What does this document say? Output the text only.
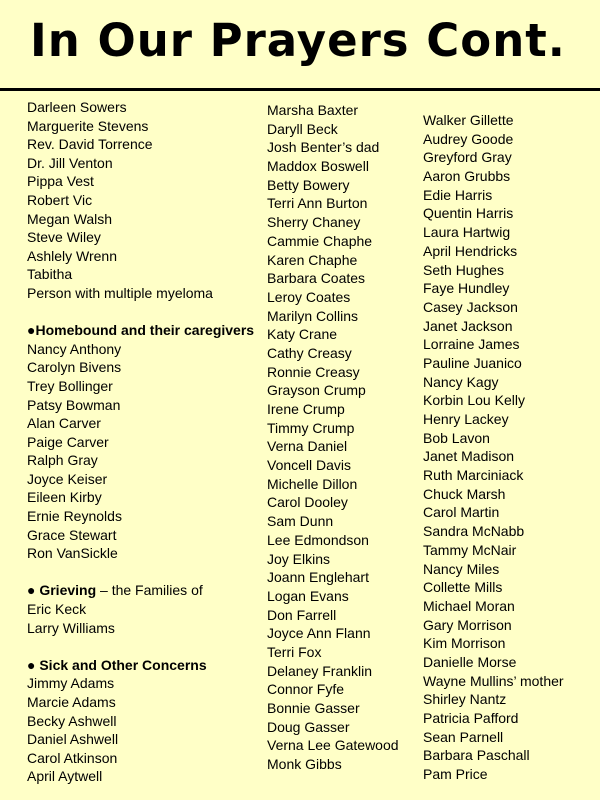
In Our Prayers Cont.
Darleen Sowers
Marguerite Stevens
Rev. David Torrence
Dr. Jill Venton
Pippa Vest
Robert Vic
Megan Walsh
Steve Wiley
Ashlely Wrenn
Tabitha
Person with multiple myeloma
●Homebound and their caregivers
Nancy Anthony
Carolyn Bivens
Trey Bollinger
Patsy Bowman
Alan Carver
Paige Carver
Ralph Gray
Joyce Keiser
Eileen Kirby
Ernie Reynolds
Grace Stewart
Ron VanSickle
● Grieving – the Families of
Eric Keck
Larry Williams
● Sick and Other Concerns
Jimmy Adams
Marcie Adams
Becky Ashwell
Daniel Ashwell
Carol Atkinson
April Aytwell
Marsha Baxter
Daryll Beck
Josh Benter’s dad
Maddox Boswell
Betty Bowery
Terri Ann Burton
Sherry Chaney
Cammie Chaphe
Karen Chaphe
Barbara Coates
Leroy Coates
Marilyn Collins
Katy Crane
Cathy Creasy
Ronnie Creasy
Grayson Crump
Irene Crump
Timmy Crump
Verna Daniel
Voncell Davis
Michelle Dillon
Carol Dooley
Sam Dunn
Lee Edmondson
Joy Elkins
Joann Englehart
Logan Evans
Don Farrell
Joyce Ann Flann
Terri Fox
Delaney Franklin
Connor Fyfe
Bonnie Gasser
Doug Gasser
Verna Lee Gatewood
Monk Gibbs
Walker Gillette
Audrey Goode
Greyford Gray
Aaron Grubbs
Edie Harris
Quentin Harris
Laura Hartwig
April Hendricks
Seth Hughes
Faye Hundley
Casey Jackson
Janet Jackson
Lorraine James
Pauline Juanico
Nancy Kagy
Korbin Lou Kelly
Henry Lackey
Bob Lavon
Janet Madison
Ruth Marciniack
Chuck Marsh
Carol Martin
Sandra McNabb
Tammy McNair
Nancy Miles
Collette Mills
Michael Moran
Gary Morrison
Kim Morrison
Danielle Morse
Wayne Mullins’ mother
Shirley Nantz
Patricia Pafford
Sean Parnell
Barbara Paschall
Pam Price
